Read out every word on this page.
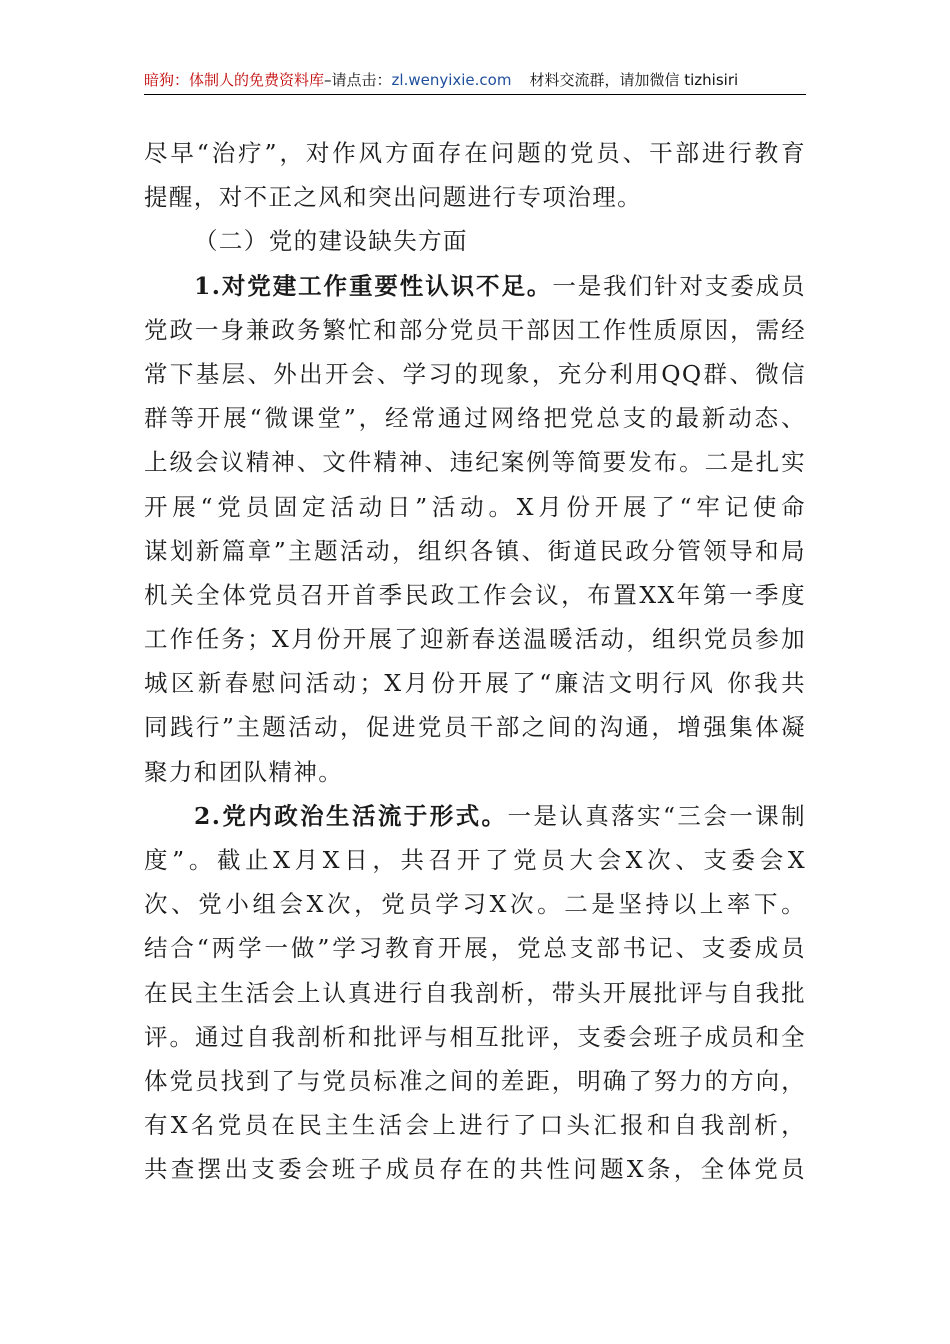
暗狗：体制人的免费资料库–请点击：zl.wenyixie.com 材料交流群，请加微信 tizhisiri
尽早“治疗”，对作风方面存在问题的党员、干部进行教育
提醒，对不正之风和突出问题进行专项治理。
（二）党的建设缺失方面
1.对党建工作重要性认识不足。一是我们针对支委成员
党政一身兼政务繁忙和部分党员干部因工作性质原因，需经
常下基层、外出开会、学习的现象，充分利用QQ群、微信
群等开展“微课堂”，经常通过网络把党总支的最新动态、
上级会议精神、文件精神、违纪案例等简要发布。二是扎实
开展“党员固定活动日”活动。X月份开展了“牢记使命
谋划新篇章”主题活动，组织各镇、街道民政分管领导和局
机关全体党员召开首季民政工作会议，布置XX年第一季度
工作任务；X月份开展了迎新春送温暖活动，组织党员参加
城区新春慰问活动；X月份开展了“廉洁文明行风 你我共
同践行”主题活动，促进党员干部之间的沟通，增强集体凝
聚力和团队精神。
2.党内政治生活流于形式。一是认真落实“三会一课制
度”。截止X月X日，共召开了党员大会X次、支委会X
次、党小组会X次，党员学习X次。二是坚持以上率下。
结合“两学一做”学习教育开展，党总支部书记、支委成员
在民主生活会上认真进行自我剖析，带头开展批评与自我批
评。通过自我剖析和批评与相互批评，支委会班子成员和全
体党员找到了与党员标准之间的差距，明确了努力的方向，
有X名党员在民主生活会上进行了口头汇报和自我剖析，
共查摆出支委会班子成员存在的共性问题X条，全体党员
